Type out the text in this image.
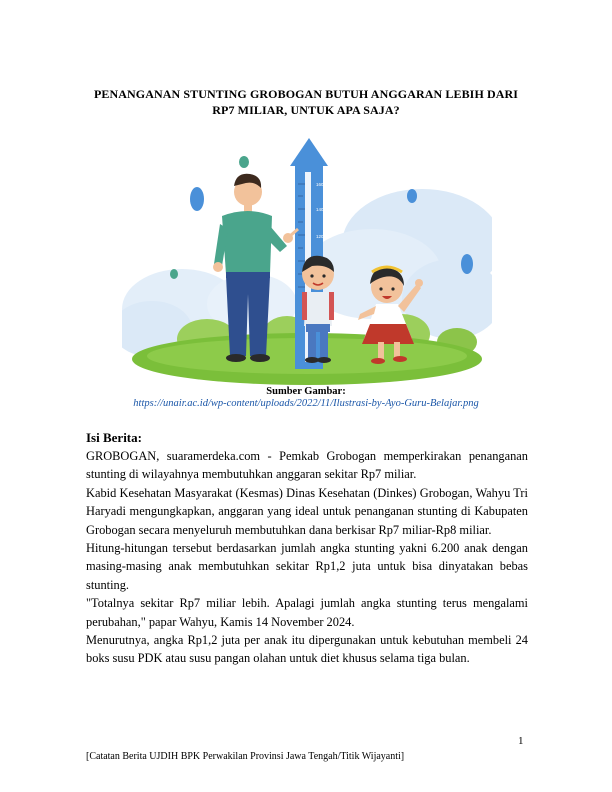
PENANGANAN STUNTING GROBOGAN BUTUH ANGGARAN LEBIH DARI
RP7 MILIAR, UNTUK APA SAJA?
160
140
120
Sumber Gambar:
https://unair.ac.id/wp-content/uploads/2022/11/Ilustrasi-by-Ayo-Guru-Belajar.png
Isi Berita:

GROBOGAN, suaramerdeka.com - Pemkab Grobogan memperkirakan penanganan stunting di wilayahnya membutuhkan anggaran sekitar Rp7 miliar.

Kabid Kesehatan Masyarakat (Kesmas) Dinas Kesehatan (Dinkes) Grobogan, Wahyu Tri Haryadi mengungkapkan, anggaran yang ideal untuk penanganan stunting di Kabupaten Grobogan secara menyeluruh membutuhkan dana berkisar Rp7 miliar-Rp8 miliar.

Hitung-hitungan tersebut berdasarkan jumlah angka stunting yakni 6.200 anak dengan masing-masing anak membutuhkan sekitar Rp1,2 juta untuk bisa dinyatakan bebas stunting.

"Totalnya sekitar Rp7 miliar lebih. Apalagi jumlah angka stunting terus mengalami perubahan," papar Wahyu, Kamis 14 November 2024.

Menurutnya, angka Rp1,2 juta per anak itu dipergunakan untuk kebutuhan membeli 24 boks susu PDK atau susu pangan olahan untuk diet khusus selama tiga bulan.

1
[Catatan Berita UJDIH BPK Perwakilan Provinsi Jawa Tengah/Titik Wijayanti]
